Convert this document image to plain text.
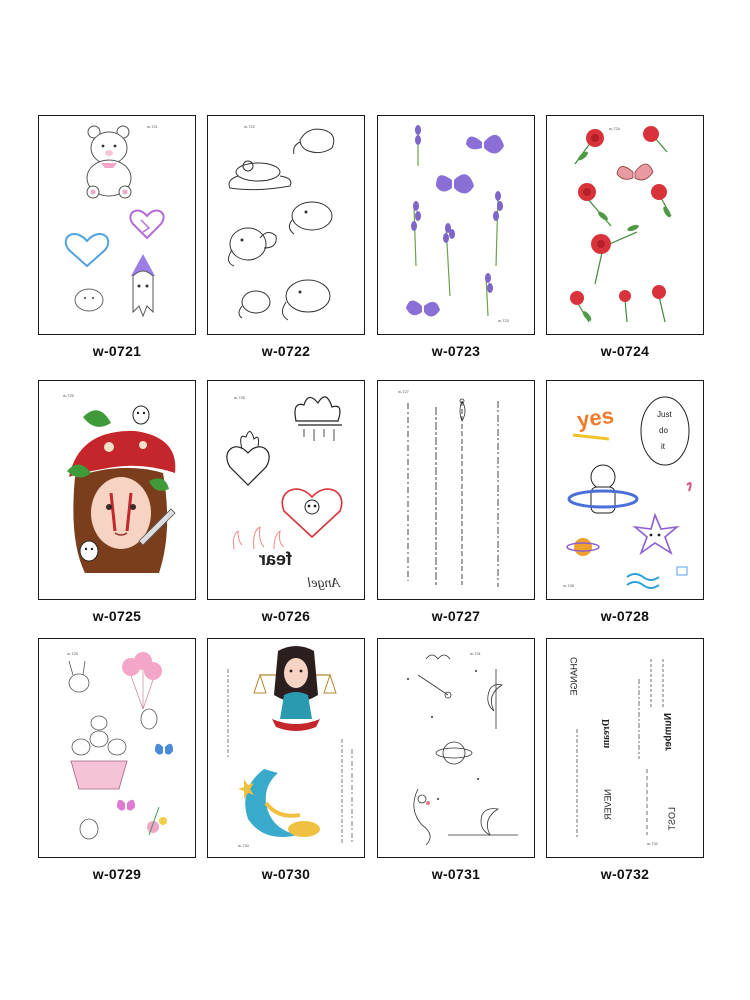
w-721
w-0721
w-722
w-0722
w-723
w-0723
w-724
w-0724
w-725
w-0725
w-726
fear
Angel
w-0726
w-727
w-0727
w-728
yes	Just
do
it
w-0728
w-729
w-0729
w-730
w-0730
w-731
w-0731
w-732
CHANGE
Dream	Number
NEVER	LOST
w-0732
